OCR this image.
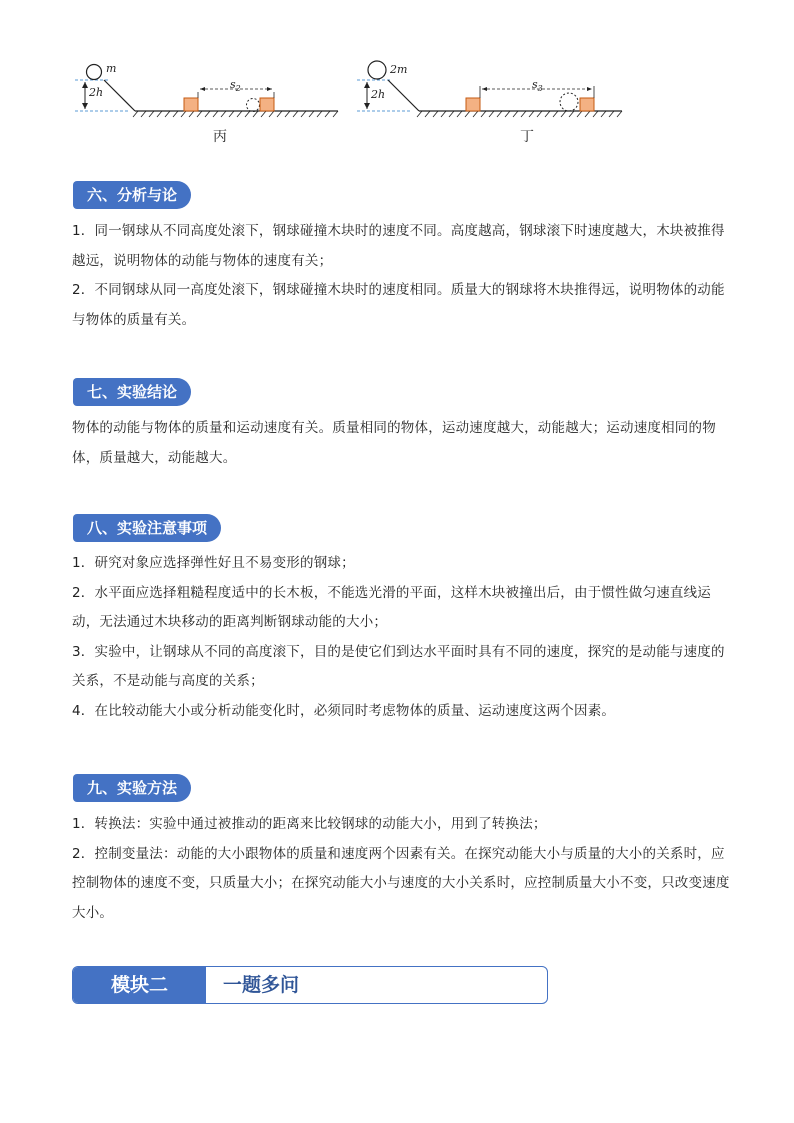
m
2h
$s_2$
丙
2m
2h
$s_3$
丁
六、分析与论

1．同一钢球从不同高度处滚下，钢球碰撞木块时的速度不同。高度越高，钢球滚下时速度越大，木块被推得越远，说明物体的动能与物体的速度有关；

2．不同钢球从同一高度处滚下，钢球碰撞木块时的速度相同。质量大的钢球将木块推得远，说明物体的动能与物体的质量有关。

七、实验结论

物体的动能与物体的质量和运动速度有关。质量相同的物体，运动速度越大，动能越大；运动速度相同的物体，质量越大，动能越大。

八、实验注意事项

1．研究对象应选择弹性好且不易变形的钢球；

2．水平面应选择粗糙程度适中的长木板，不能选光滑的平面，这样木块被撞出后，由于惯性做匀速直线运动，无法通过木块移动的距离判断钢球动能的大小；

3．实验中，让钢球从不同的高度滚下，目的是使它们到达水平面时具有不同的速度，探究的是动能与速度的关系，不是动能与高度的关系；

4．在比较动能大小或分析动能变化时，必须同时考虑物体的质量、运动速度这两个因素。

九、实验方法

1．转换法：实验中通过被推动的距离来比较钢球的动能大小，用到了转换法；

2．控制变量法：动能的大小跟物体的质量和速度两个因素有关。在探究动能大小与质量的大小的关系时，应控制物体的速度不变，只质量大小；在探究动能大小与速度的大小关系时，应控制质量大小不变，只改变速度大小。

模块二	一题多问
